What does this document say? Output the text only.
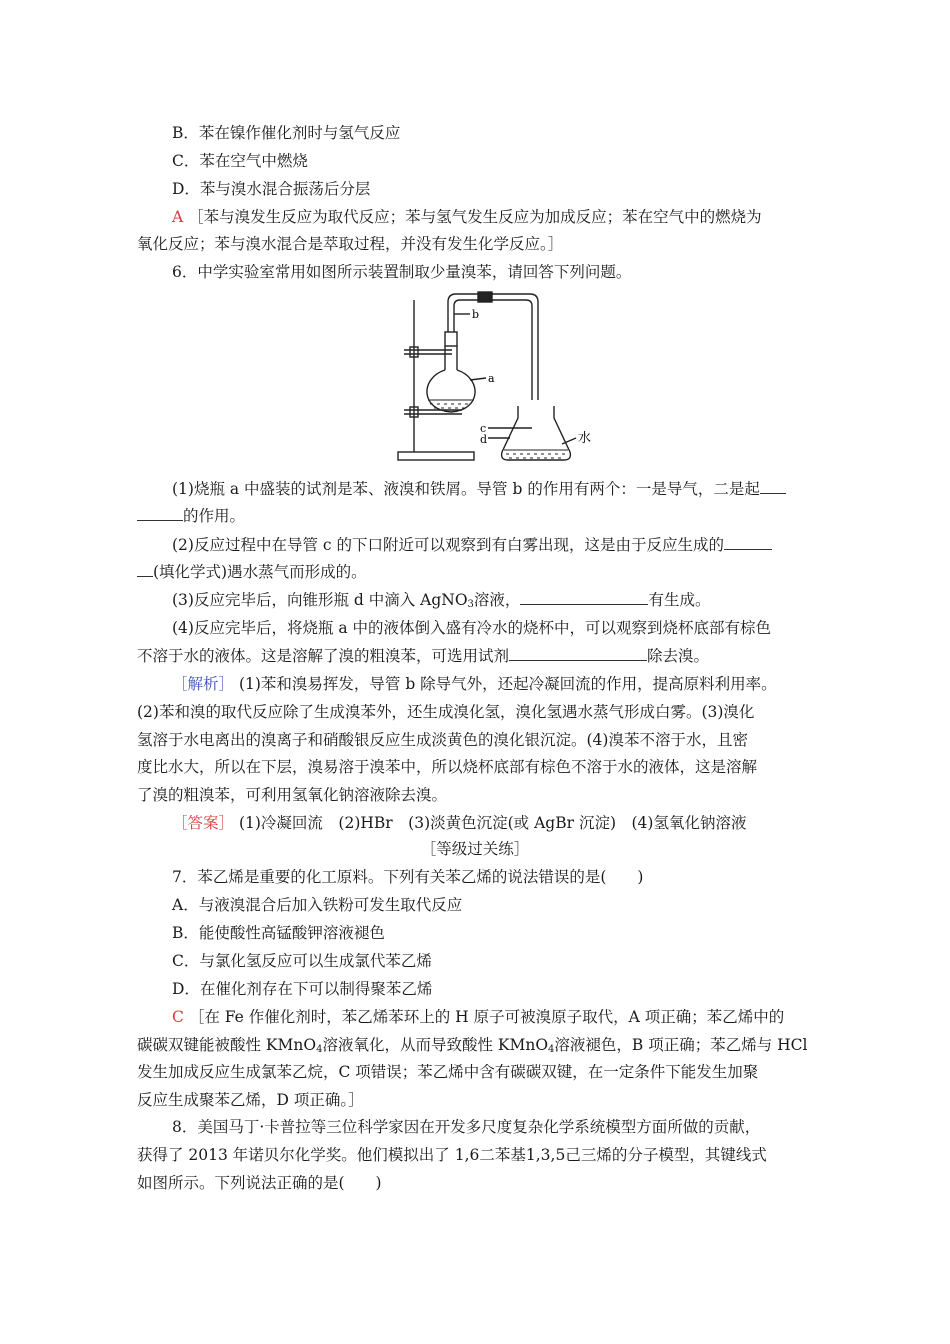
B．苯在镍作催化剂时与氢气反应
C．苯在空气中燃烧
D．苯与溴水混合振荡后分层
A ［苯与溴发生反应为取代反应；苯与氢气发生反应为加成反应；苯在空气中的燃烧为
氧化反应；苯与溴水混合是萃取过程，并没有发生化学反应。］
6．中学实验室常用如图所示装置制取少量溴苯，请回答下列问题。
b
a
c
d	水
(1)烧瓶 a 中盛装的试剂是苯、液溴和铁屑。导管 b 的作用有两个：一是导气，二是起
的作用。
(2)反应过程中在导管 c 的下口附近可以观察到有白雾出现，这是由于反应生成的
(填化学式)遇水蒸气而形成的。
(3)反应完毕后，向锥形瓶 d 中滴入 AgNO$_3$溶液，	有生成。
(4)反应完毕后，将烧瓶 a 中的液体倒入盛有冷水的烧杯中，可以观察到烧杯底部有棕色
不溶于水的液体。这是溶解了溴的粗溴苯，可选用试剂	除去溴。
［解析］ (1)苯和溴易挥发，导管 b 除导气外，还起冷凝回流的作用，提高原料利用率。
(2)苯和溴的取代反应除了生成溴苯外，还生成溴化氢，溴化氢遇水蒸气形成白雾。(3)溴化
氢溶于水电离出的溴离子和硝酸银反应生成淡黄色的溴化银沉淀。(4)溴苯不溶于水，且密
度比水大，所以在下层，溴易溶于溴苯中，所以烧杯底部有棕色不溶于水的液体，这是溶解
了溴的粗溴苯，可利用氢氧化钠溶液除去溴。
［答案］ (1)冷凝回流　(2)HBr　(3)淡黄色沉淀(或 AgBr 沉淀)　(4)氢氧化钠溶液
［等级过关练］
7．苯乙烯是重要的化工原料。下列有关苯乙烯的说法错误的是(　　)
A．与液溴混合后加入铁粉可发生取代反应
B．能使酸性高锰酸钾溶液褪色
C．与氯化氢反应可以生成氯代苯乙烯
D．在催化剂存在下可以制得聚苯乙烯
C ［在 Fe 作催化剂时，苯乙烯苯环上的 H 原子可被溴原子取代，A 项正确；苯乙烯中的
碳碳双键能被酸性 KMnO$_4$溶液氧化，从而导致酸性 KMnO$_4$溶液褪色，B 项正确；苯乙烯与 HCl
发生加成反应生成氯苯乙烷，C 项错误；苯乙烯中含有碳碳双键，在一定条件下能发生加聚
反应生成聚苯乙烯，D 项正确。］
8．美国马丁·卡普拉等三位科学家因在开发多尺度复杂化学系统模型方面所做的贡献，
获得了 2013 年诺贝尔化学奖。他们模拟出了 1,6二苯基1,3,5己三烯的分子模型，其键线式
如图所示。下列说法正确的是(　　)
